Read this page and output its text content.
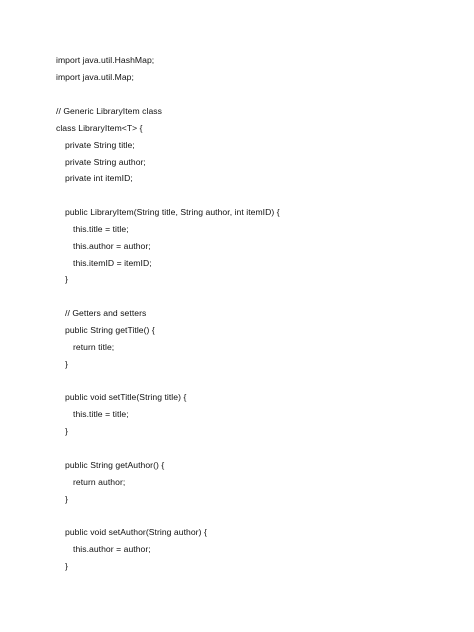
import java.util.HashMap;
import java.util.Map;
// Generic LibraryItem class
class LibraryItem<T> {
private String title;
private String author;
private int itemID;
public LibraryItem(String title, String author, int itemID) {
this.title = title;
this.author = author;
this.itemID = itemID;
}
// Getters and setters
public String getTitle() {
return title;
}
public void setTitle(String title) {
this.title = title;
}
public String getAuthor() {
return author;
}
public void setAuthor(String author) {
this.author = author;
}
